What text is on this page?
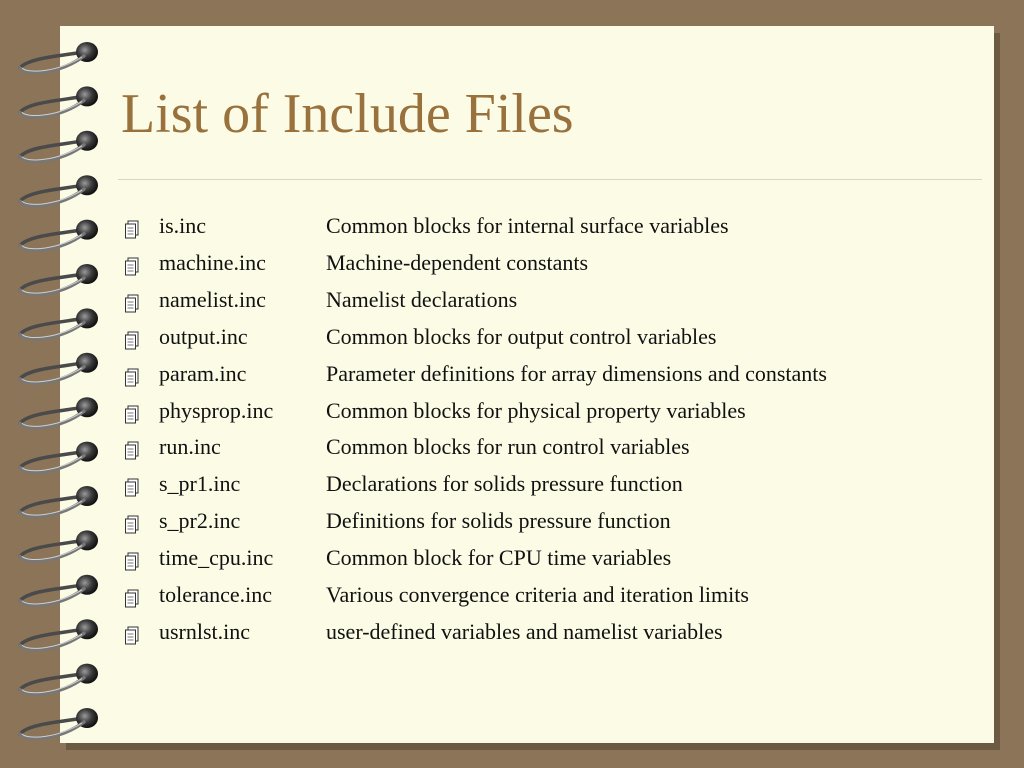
List of Include Files
is.inc	Common blocks for internal surface variables
machine.inc	Machine-dependent constants
namelist.inc	Namelist declarations
output.inc	Common blocks for output control variables
param.inc	Parameter definitions for array dimensions and constants
physprop.inc Common blocks for physical property variables
run.inc	Common blocks for run control variables
s_pr1.inc	Declarations for solids pressure function
s_pr2.inc	Definitions for solids pressure function
time_cpu.inc Common block for CPU time variables
tolerance.inc Various convergence criteria and iteration limits
usrnlst.inc	user-defined variables and namelist variables
